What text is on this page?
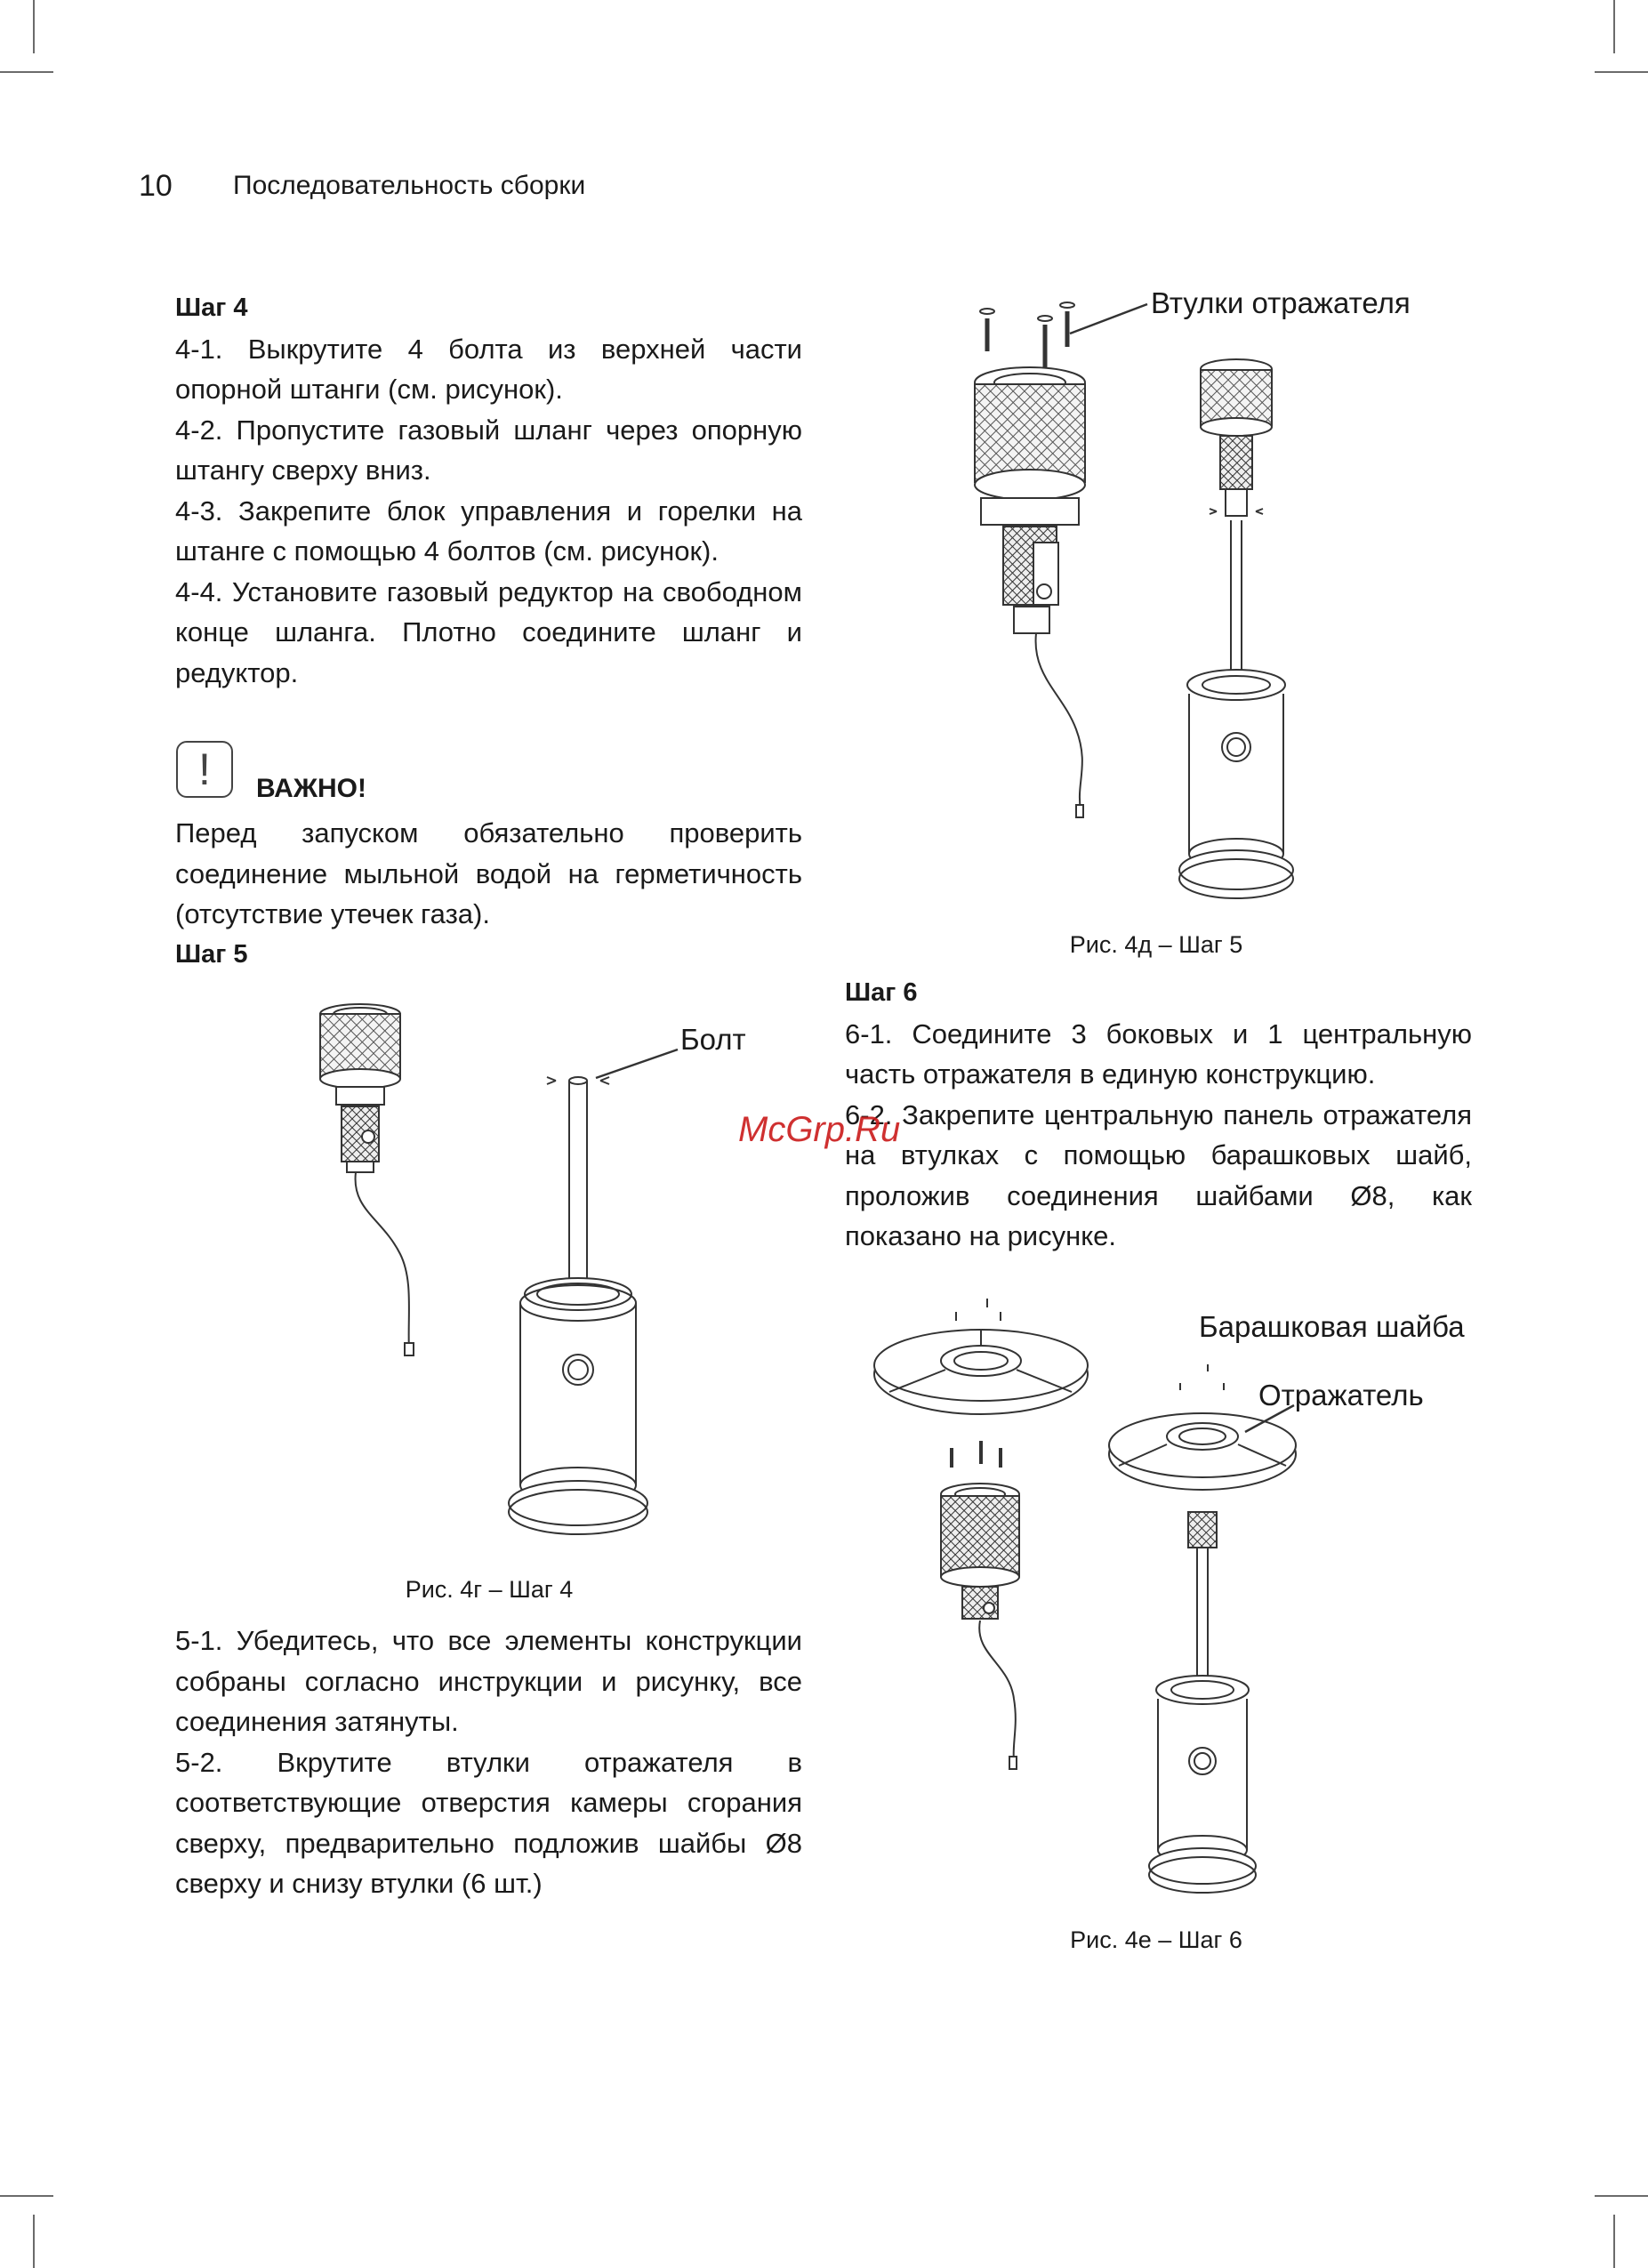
10 Последовательность сборки

Шаг 4

4-1. Выкрутите 4 болта из верхней части опорной штанги (см. рисунок).

4-2. Пропустите газовый шланг через опорную штангу сверху вниз.

4-3. Закрепите блок управления и горелки на штанге с помощью 4 болтов (см. рисунок).

4-4. Установите газовый редуктор на свободном конце шланга. Плотно соедините шланг и редуктор.

!	ВАЖНО!

Перед запуском обязательно проверить соединение мыльной водой на герметичность (отсутствие утечек газа).

Шаг 5

5-1. Убедитесь, что все элементы конструкции собраны согласно инструкции и рисунку, все соединения затянуты.

5-2. Вкрутите втулки отражателя в соответствующие отверстия камеры сгорания сверху, предварительно подложив шайбы Ø8 сверху и снизу втулки (6 шт.)

Шаг 6

6-1. Соедините 3 боковых и 1 центральную часть отражателя в единую конструкцию.

6-2. Закрепите центральную панель отражателя на втулках с помощью барашковых шайб, проложив соединения шайбами Ø8, как показано на рисунке.

Рис. 4г – Шаг 4
Рис. 4д – Шаг 5
Рис. 4е – Шаг 6
Болт
Втулки отражателя
Барашковая шайба
Отражатель
McGrp.Ru
